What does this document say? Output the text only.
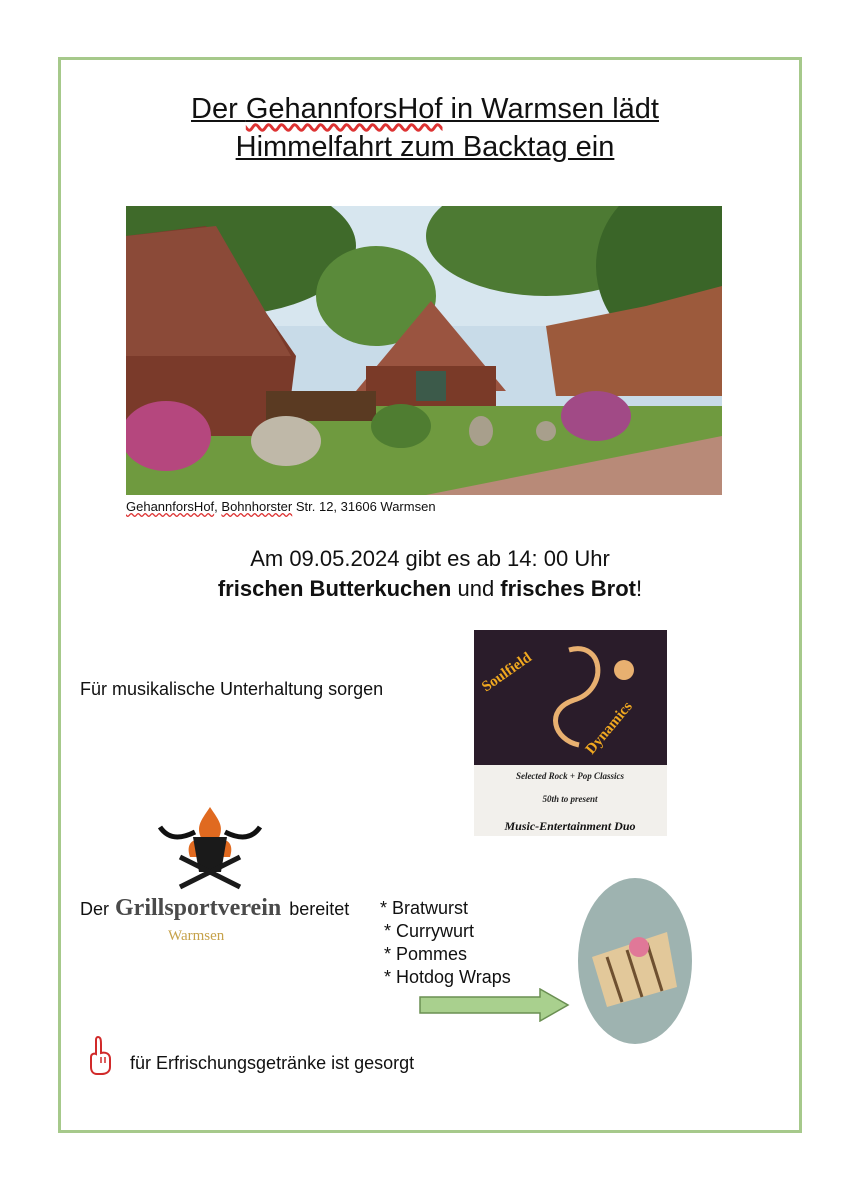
Der GehannforsHof in Warmsen lädt
Himmelfahrt zum Backtag ein
GehannforsHof, Bohnhorster Str. 12, 31606 Warmsen
Am 09.05.2024 gibt es ab 14: 00 Uhr
frischen Butterkuchen und frisches Brot!
Für musikalische Unterhaltung sorgen	Soulfield
Dynamics
Selected Rock + Pop Classics
50th to present
Music-Entertainment Duo
Der Grillsportverein bereitet
Warmsen
* Bratwurst
* Currywurt
* Pommes
* Hotdog Wraps
für Erfrischungsgetränke ist gesorgt
